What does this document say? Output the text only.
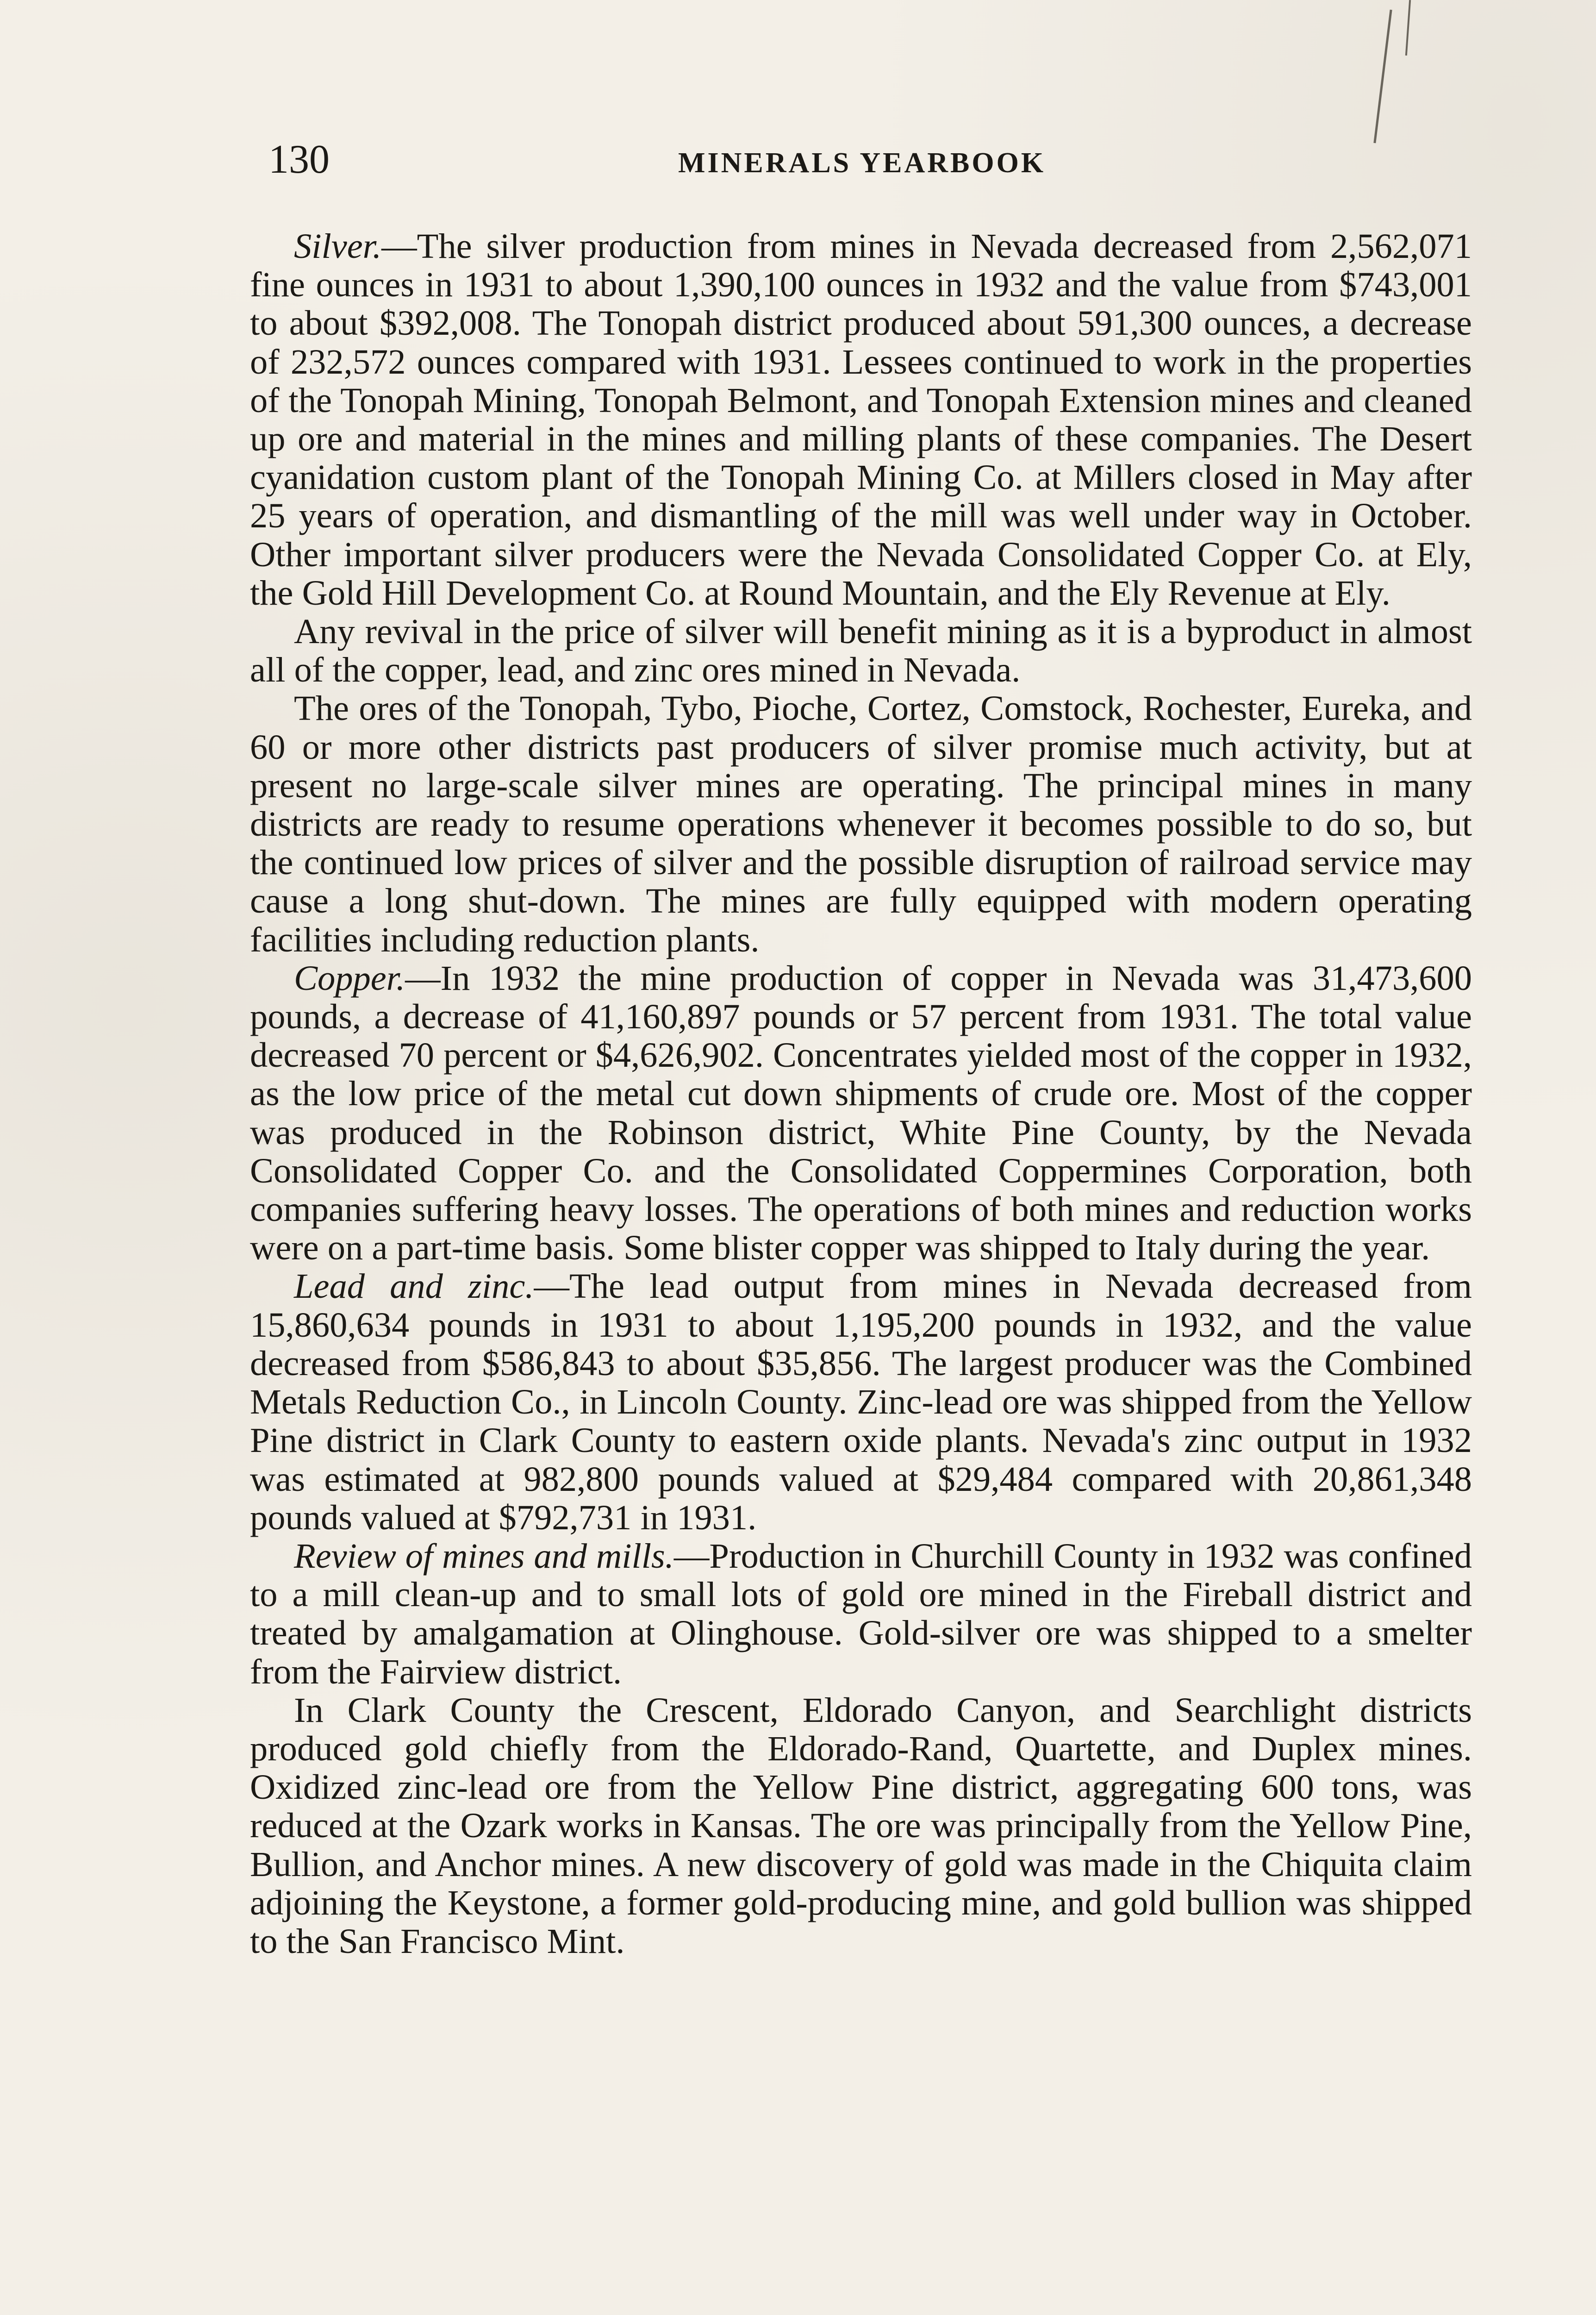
130	MINERALS YEARBOOK

Silver.—The silver production from mines in Nevada decreased from 2,562,071 fine ounces in 1931 to about 1,390,100 ounces in 1932 and the value from $743,001 to about $392,008. The Tonopah district produced about 591,300 ounces, a decrease of 232,572 ounces compared with 1931. Lessees continued to work in the properties of the Tonopah Mining, Tonopah Belmont, and Tonopah Extension mines and cleaned up ore and material in the mines and milling plants of these companies. The Desert cyanidation custom plant of the Tonopah Mining Co. at Millers closed in May after 25 years of operation, and dismantling of the mill was well under way in October. Other important silver producers were the Nevada Consolidated Copper Co. at Ely, the Gold Hill Development Co. at Round Mountain, and the Ely Revenue at Ely.

Any revival in the price of silver will benefit mining as it is a byproduct in almost all of the copper, lead, and zinc ores mined in Nevada.

The ores of the Tonopah, Tybo, Pioche, Cortez, Comstock, Rochester, Eureka, and 60 or more other districts past producers of silver promise much activity, but at present no large-scale silver mines are operating. The principal mines in many districts are ready to resume operations whenever it becomes possible to do so, but the continued low prices of silver and the possible disruption of railroad service may cause a long shut-down. The mines are fully equipped with modern operating facilities including reduction plants.

Copper.—In 1932 the mine production of copper in Nevada was 31,473,600 pounds, a decrease of 41,160,897 pounds or 57 percent from 1931. The total value decreased 70 percent or $4,626,902. Concentrates yielded most of the copper in 1932, as the low price of the metal cut down shipments of crude ore. Most of the copper was produced in the Robinson district, White Pine County, by the Nevada Consolidated Copper Co. and the Consolidated Coppermines Corporation, both companies suffering heavy losses. The operations of both mines and reduction works were on a part-time basis. Some blister copper was shipped to Italy during the year.

Lead and zinc.—The lead output from mines in Nevada decreased from 15,860,634 pounds in 1931 to about 1,195,200 pounds in 1932, and the value decreased from $586,843 to about $35,856. The largest producer was the Combined Metals Reduction Co., in Lincoln County. Zinc-lead ore was shipped from the Yellow Pine district in Clark County to eastern oxide plants. Nevada's zinc output in 1932 was estimated at 982,800 pounds valued at $29,484 compared with 20,861,348 pounds valued at $792,731 in 1931.

Review of mines and mills.—Production in Churchill County in 1932 was confined to a mill clean-up and to small lots of gold ore mined in the Fireball district and treated by amalgamation at Olinghouse. Gold-silver ore was shipped to a smelter from the Fairview district.

In Clark County the Crescent, Eldorado Canyon, and Searchlight districts produced gold chiefly from the Eldorado-Rand, Quartette, and Duplex mines. Oxidized zinc-lead ore from the Yellow Pine district, aggregating 600 tons, was reduced at the Ozark works in Kansas. The ore was principally from the Yellow Pine, Bullion, and Anchor mines. A new discovery of gold was made in the Chiquita claim adjoining the Keystone, a former gold-producing mine, and gold bullion was shipped to the San Francisco Mint.
